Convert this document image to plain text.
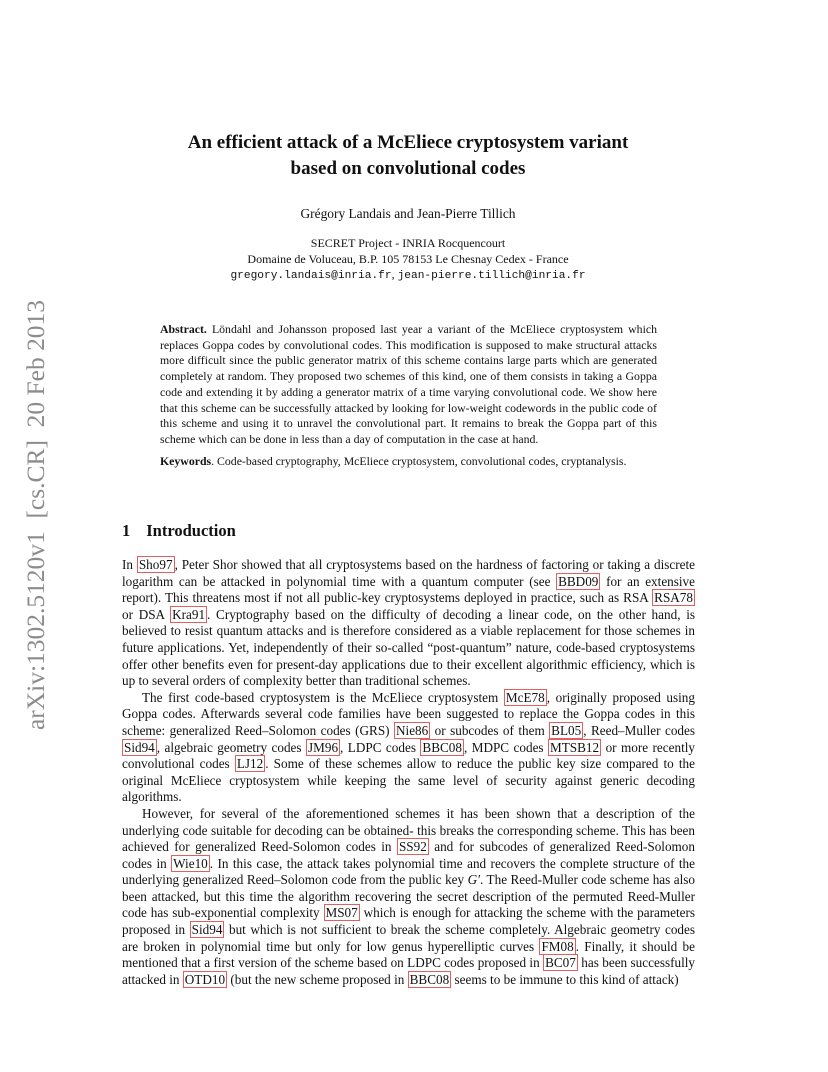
arXiv:1302.5120v1  [cs.CR]  20 Feb 2013
An efficient attack of a McEliece cryptosystem variant
based on convolutional codes
Grégory Landais and Jean-Pierre Tillich
SECRET Project - INRIA Rocquencourt
Domaine de Voluceau, B.P. 105 78153 Le Chesnay Cedex - France
gregory.landais@inria.fr, jean-pierre.tillich@inria.fr

Abstract. Löndahl and Johansson proposed last year a variant of the McEliece cryptosystem which replaces Goppa codes by convolutional codes. This modification is supposed to make structural attacks more difficult since the public generator matrix of this scheme contains large parts which are generated completely at random. They proposed two schemes of this kind, one of them consists in taking a Goppa code and extending it by adding a generator matrix of a time varying convolutional code. We show here that this scheme can be successfully attacked by looking for low-weight codewords in the public code of this scheme and using it to unravel the convolutional part. It remains to break the Goppa part of this scheme which can be done in less than a day of computation in the case at hand.

Keywords. Code-based cryptography, McEliece cryptosystem, convolutional codes, cryptanalysis.

1 Introduction

In Sho97 , Peter Shor showed that all cryptosystems based on the hardness of factoring or taking a discrete logarithm can be attacked in polynomial time with a quantum computer (see BBD09 for an extensive report). This threatens most if not all public-key cryptosystems deployed in practice, such as RSA RSA78 or DSA Kra91 . Cryptography based on the difficulty of decoding a linear code, on the other hand, is believed to resist quantum attacks and is therefore considered as a viable replacement for those schemes in future applications. Yet, independently of their so-called “post-quantum” nature, code-based cryptosystems offer other benefits even for present-day applications due to their excellent algorithmic efficiency, which is up to several orders of complexity better than traditional schemes.

The first code-based cryptosystem is the McEliece cryptosystem McE78 , originally proposed using Goppa codes. Afterwards several code families have been suggested to replace the Goppa codes in this scheme: generalized Reed–Solomon codes (GRS) Nie86 or subcodes of them BL05 , Reed–Muller codes Sid94 , algebraic geometry codes JM96 , LDPC codes BBC08 , MDPC codes MTSB12 or more recently convolutional codes LJ12 . Some of these schemes allow to reduce the public key size compared to the original McEliece cryptosystem while keeping the same level of security against generic decoding algorithms.

However, for several of the aforementioned schemes it has been shown that a description of the underlying code suitable for decoding can be obtained- this breaks the corresponding scheme. This has been achieved for generalized Reed-Solomon codes in SS92 and for subcodes of generalized Reed-Solomon codes in Wie10 . In this case, the attack takes polynomial time and recovers the complete structure of the underlying generalized Reed–Solomon code from the public key G′. The Reed-Muller code scheme has also been attacked, but this time the algorithm recovering the secret description of the permuted Reed-Muller code has sub-exponential complexity MS07 which is enough for attacking the scheme with the parameters proposed in Sid94 but which is not sufficient to break the scheme completely. Algebraic geometry codes are broken in polynomial time but only for low genus hyperelliptic curves FM08 . Finally, it should be mentioned that a first version of the scheme based on LDPC codes proposed in BC07 has been successfully attacked in OTD10 (but the new scheme proposed in BBC08 seems to be immune to this kind of attack)
